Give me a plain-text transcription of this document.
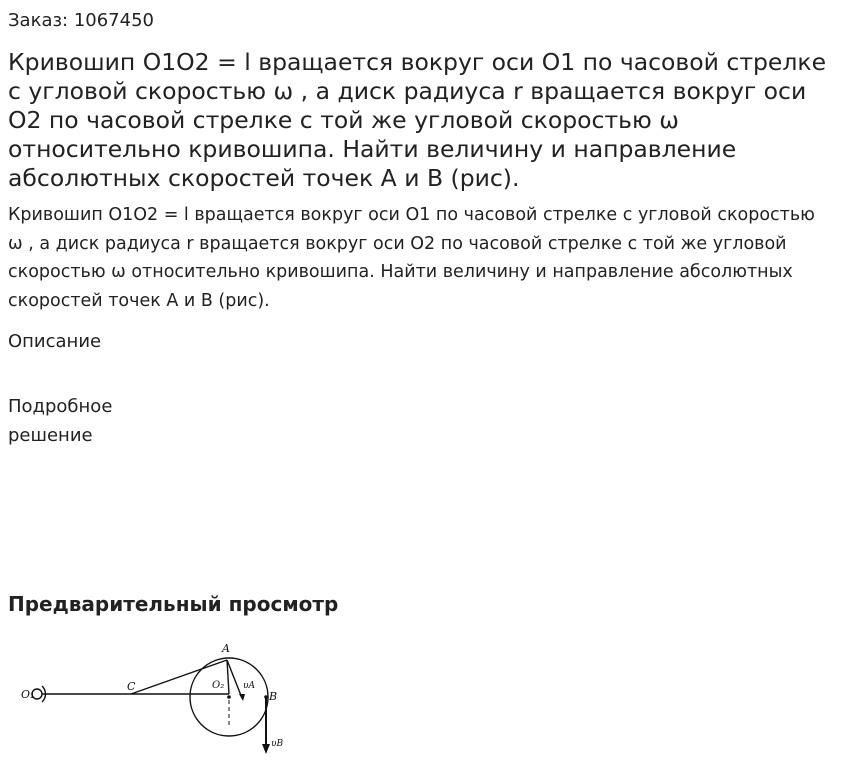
Заказ: 1067450
Кривошип O1O2 = l вращается вокруг оси O1 по часовой стрелке с угловой скоростью ω , а диск радиуса r вращается вокруг оси O2 по часовой стрелке с той же угловой скоростью ω относительно кривошипа. Найти величину и направление абсолютных скоростей точек A и B (рис).

Кривошип O1O2 = l вращается вокруг оси O1 по часовой стрелке с угловой скоростью ω , а диск радиуса r вращается вокруг оси O2 по часовой стрелке с той же угловой скоростью ω относительно кривошипа. Найти величину и направление абсолютных скоростей точек A и B (рис).

Описание
Подробное решение
Предварительный просмотр
O₁
C
A
O₂ υA
B
υB
